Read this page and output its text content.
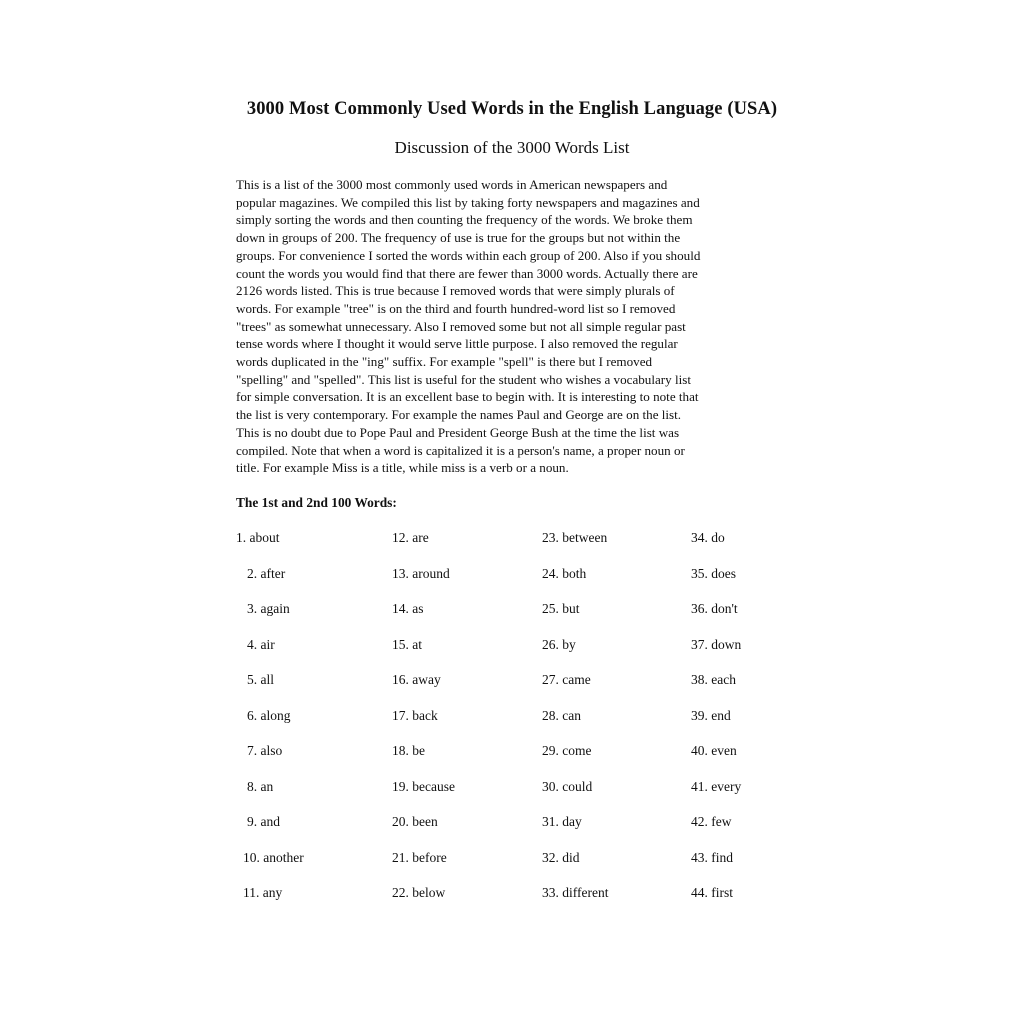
3000 Most Commonly Used Words in the English Language (USA)
Discussion of the 3000 Words List
This is a list of the 3000 most commonly used words in American newspapers and
popular magazines. We compiled this list by taking forty newspapers and magazines and
simply sorting the words and then counting the frequency of the words. We broke them
down in groups of 200. The frequency of use is true for the groups but not within the
groups. For convenience I sorted the words within each group of 200. Also if you should
count the words you would find that there are fewer than 3000 words. Actually there are
2126 words listed. This is true because I removed words that were simply plurals of
words. For example "tree" is on the third and fourth hundred-word list so I removed
"trees" as somewhat unnecessary. Also I removed some but not all simple regular past
tense words where I thought it would serve little purpose. I also removed the regular
words duplicated in the "ing" suffix. For example "spell" is there but I removed
"spelling" and "spelled". This list is useful for the student who wishes a vocabulary list
for simple conversation. It is an excellent base to begin with. It is interesting to note that
the list is very contemporary. For example the names Paul and George are on the list.
This is no doubt due to Pope Paul and President George Bush at the time the list was
compiled. Note that when a word is capitalized it is a person's name, a proper noun or
title. For example Miss is a title, while miss is a verb or a noun.
The 1st and 2nd 100 Words:
1. about
2. after
3. again
4. air
5. all
6. along
7. also
8. an
9. and
10. another
11. any
12. are
13. around
14. as
15. at
16. away
17. back
18. be
19. because
20. been
21. before
22. below
23. between
24. both
25. but
26. by
27. came
28. can
29. come
30. could
31. day
32. did
33. different
34. do
35. does
36. don't
37. down
38. each
39. end
40. even
41. every
42. few
43. find
44. first
